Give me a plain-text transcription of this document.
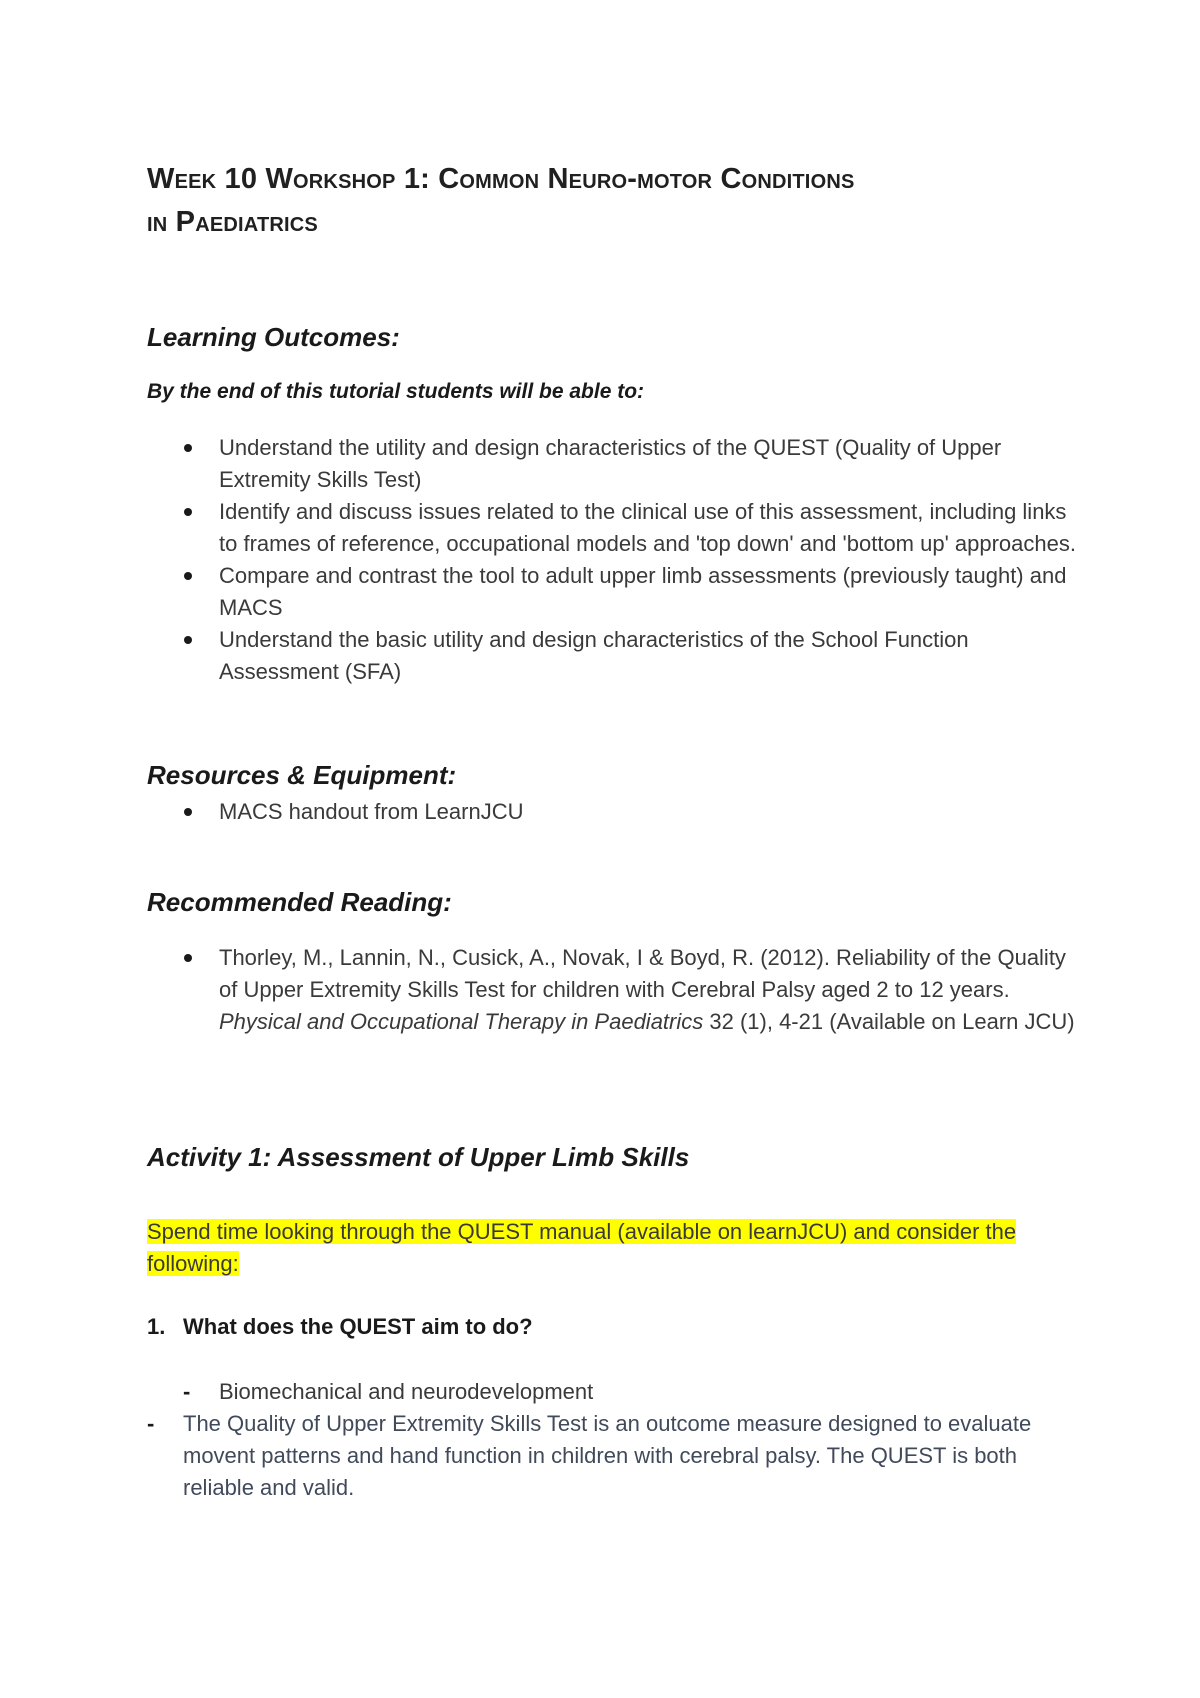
Week 10 Workshop 1: Common Neuro-motor Conditions
in Paediatrics
Learning Outcomes:

By the end of this tutorial students will be able to:

Understand the utility and design characteristics of the QUEST (Quality of Upper Extremity Skills Test)
Identify and discuss issues related to the clinical use of this assessment, including links to frames of reference, occupational models and 'top down' and 'bottom up' approaches.
Compare and contrast the tool to adult upper limb assessments (previously taught) and MACS
Understand the basic utility and design characteristics of the School Function Assessment (SFA)
Resources & Equipment:
MACS handout from LearnJCU
Recommended Reading:
Thorley, M., Lannin, N., Cusick, A., Novak, I & Boyd, R. (2012). Reliability of the Quality of Upper Extremity Skills Test for children with Cerebral Palsy aged 2 to 12 years. Physical and Occupational Therapy in Paediatrics 32 (1), 4-21 (Available on Learn JCU)
Activity 1: Assessment of Upper Limb Skills

Spend time looking through the QUEST manual (available on learnJCU) and consider the following:

1. What does the QUEST aim to do?

- Biomechanical and neurodevelopment
- The Quality of Upper Extremity Skills Test is an outcome measure designed to evaluate movent patterns and hand function in children with cerebral palsy. The QUEST is both reliable and valid.
